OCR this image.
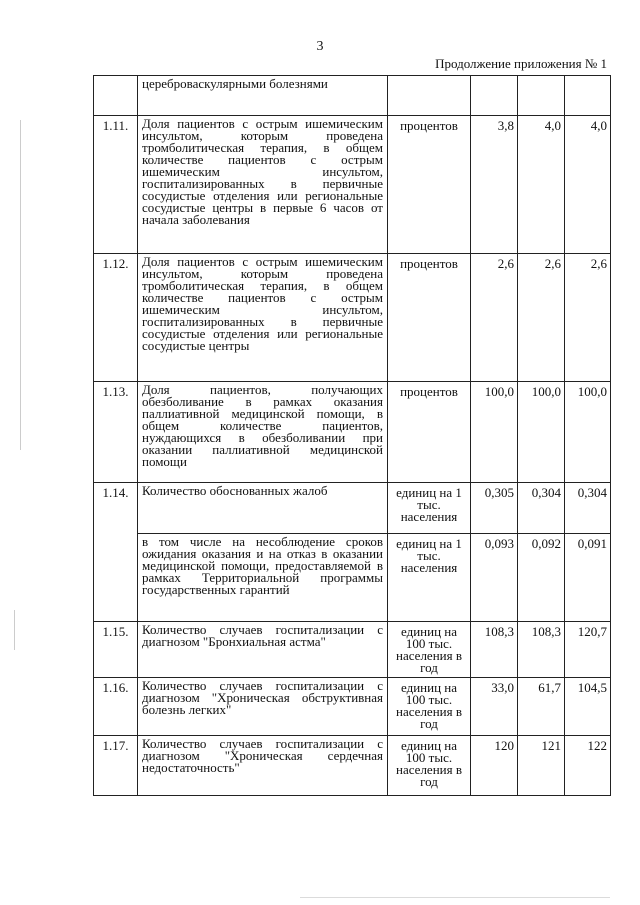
3
Продолжение приложения № 1
	цереброваскулярными болезнями				
1.11.	Доля пациентов с острым ишемическим инсультом, которым проведена тромболитическая терапия, в общем количестве пациентов с острым ишемическим инсультом, госпитализированных в первичные сосудистые отделения или региональные сосудистые центры в первые 6 часов от начала заболевания	процентов	3,8	4,0	4,0
1.12.	Доля пациентов с острым ишемическим инсультом, которым проведена тромболитическая терапия, в общем количестве пациентов с острым ишемическим инсультом, госпитализированных в первичные сосудистые отделения или региональные сосудистые центры	процентов	2,6	2,6	2,6
1.13.	Доля пациентов, получающих обезболивание в рамках оказания паллиативной медицинской помощи, в общем количестве пациентов, нуждающихся в обезболивании при оказании паллиативной медицинской помощи	процентов	100,0	100,0	100,0
1.14.	Количество обоснованных жалоб	единиц на 1 тыс. населения	0,305	0,304	0,304
	в том числе на несоблюдение сроков ожидания оказания и на отказ в оказании медицинской помощи, предоставляемой в рамках Территориальной программы государственных гарантий	единиц на 1 тыс. населения	0,093	0,092	0,091
1.15.	Количество случаев госпитализации с диагнозом "Бронхиальная астма"	единиц на 100 тыс. населения в год	108,3	108,3	120,7
1.16.	Количество случаев госпитализации с диагнозом "Хроническая обструктивная болезнь легких"	единиц на 100 тыс. населения в год	33,0	61,7	104,5
1.17.	Количество случаев госпитализации с диагнозом "Хроническая сердечная недостаточность"	единиц на 100 тыс. населения в год	120	121	122
